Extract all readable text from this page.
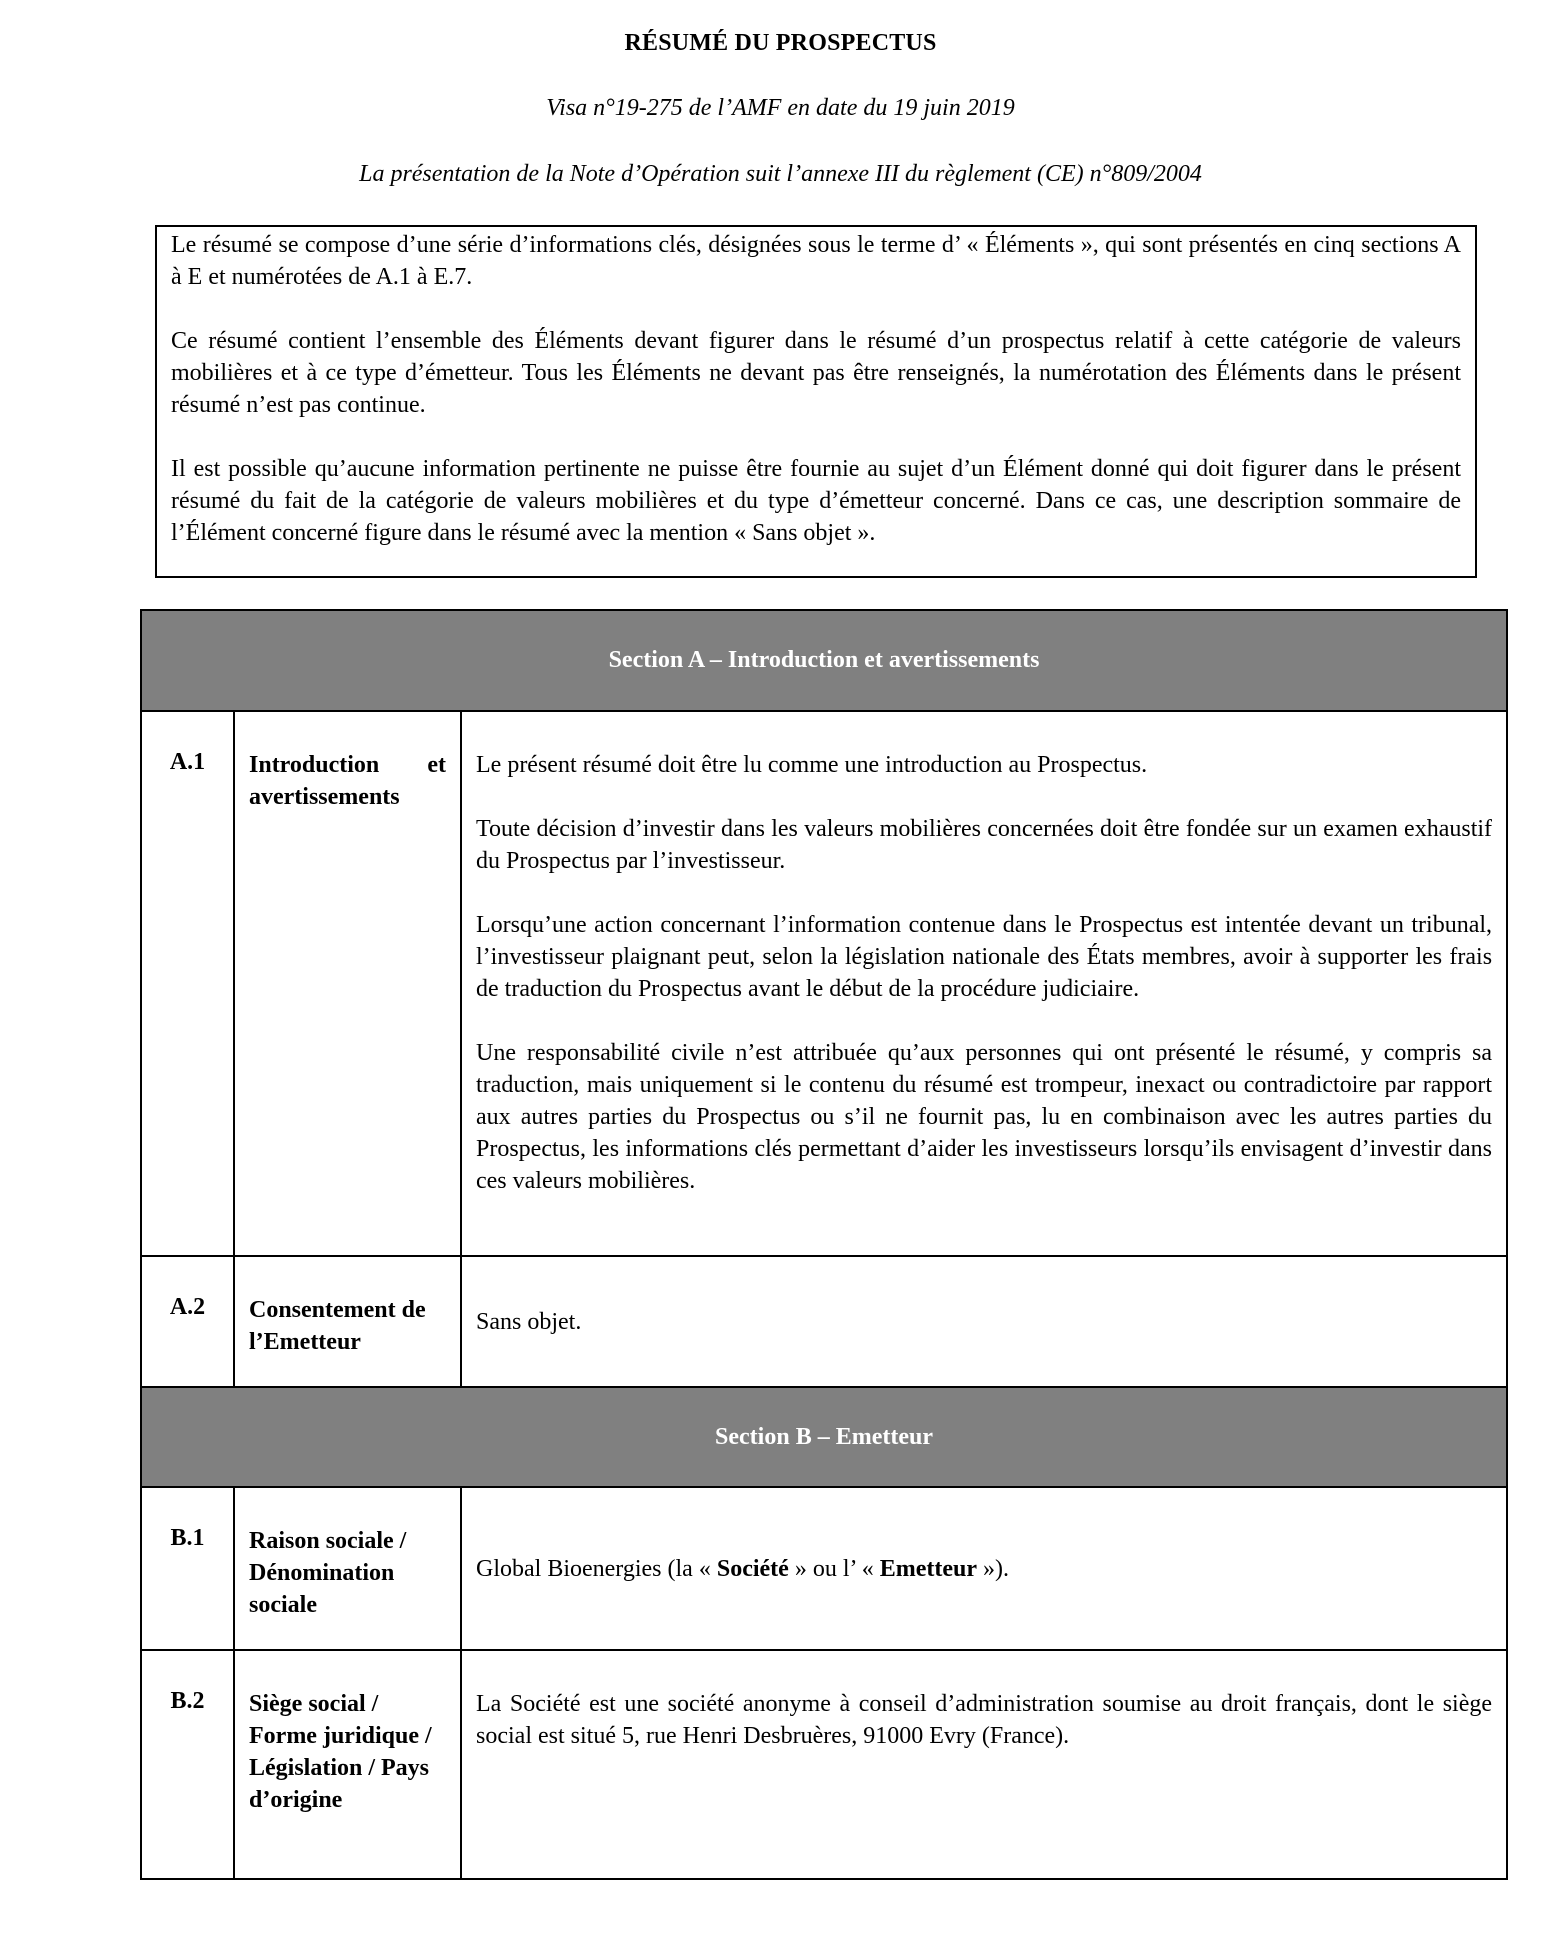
RÉSUMÉ DU PROSPECTUS
Visa n°19-275 de l’AMF en date du 19 juin 2019
La présentation de la Note d’Opération suit l’annexe III du règlement (CE) n°809/2004

Le résumé se compose d’une série d’informations clés, désignées sous le terme d’ « Éléments », qui sont présentés en cinq sections A à E et numérotées de A.1 à E.7.

Ce résumé contient l’ensemble des Éléments devant figurer dans le résumé d’un prospectus relatif à cette catégorie de valeurs mobilières et à ce type d’émetteur. Tous les Éléments ne devant pas être renseignés, la numérotation des Éléments dans le présent résumé n’est pas continue.

Il est possible qu’aucune information pertinente ne puisse être fournie au sujet d’un Élément donné qui doit figurer dans le présent résumé du fait de la catégorie de valeurs mobilières et du type d’émetteur concerné. Dans ce cas, une description sommaire de l’Élément concerné figure dans le résumé avec la mention « Sans objet ».

Section A – Introduction et avertissements		
A.1	Introduction et avertissements	Le présent résumé doit être lu comme une introduction au Prospectus.

Toute décision d’investir dans les valeurs mobilières concernées doit être fondée sur un examen exhaustif du Prospectus par l’investisseur.

Lorsqu’une action concernant l’information contenue dans le Prospectus est intentée devant un tribunal, l’investisseur plaignant peut, selon la législation nationale des États membres, avoir à supporter les frais de traduction du Prospectus avant le début de la procédure judiciaire.

Une responsabilité civile n’est attribuée qu’aux personnes qui ont présenté le résumé, y compris sa traduction, mais uniquement si le contenu du résumé est trompeur, inexact ou contradictoire par rapport aux autres parties du Prospectus ou s’il ne fournit pas, lu en combinaison avec les autres parties du Prospectus, les informations clés permettant d’aider les investisseurs lorsqu’ils envisagent d’investir dans ces valeurs mobilières.

A.2	Consentement de l’Emetteur	Sans objet.
Section B – Emetteur		
B.1	Raison sociale / Dénomination sociale	Global Bioenergies (la « Société » ou l’ « Emetteur »).
B.2	Siège social / Forme juridique / Législation / Pays d’origine	La Société est une société anonyme à conseil d’administration soumise au droit français, dont le siège social est situé 5, rue Henri Desbruères, 91000 Evry (France).
